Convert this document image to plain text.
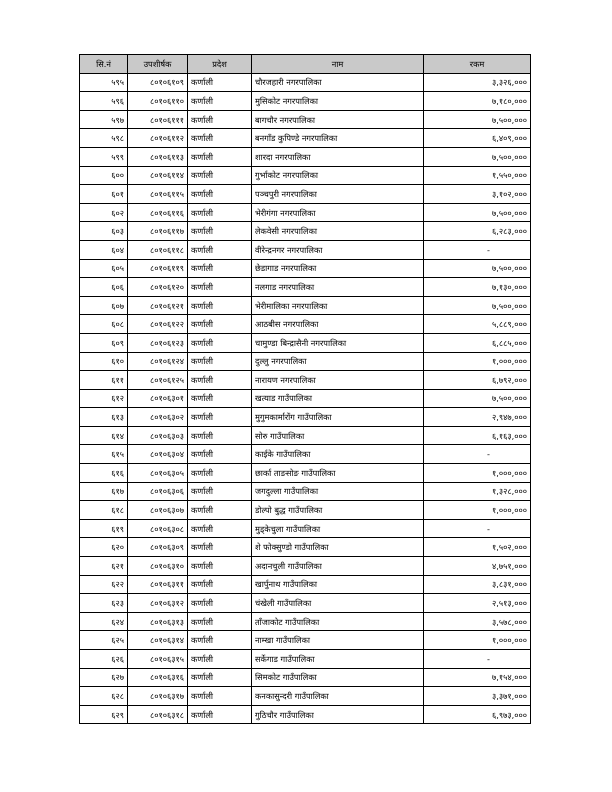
सि.नं	उपशीर्षक	प्रदेश	नाम	रकम
५९५	८०१०६१०९	कर्णाली	चौरजहारी नगरपालिका	३,३२६,०००
५९६	८०१०६११०	कर्णाली	मुसिकोट नगरपालिका	७,१८०,०००
५९७	८०१०६१११	कर्णाली	बागचौर नगरपालिका	७,५००,०००
५९८	८०१०६११२	कर्णाली	बनगाँड कुपिण्डे नगरपालिका	६,४०९,०००
५९९	८०१०६११३	कर्णाली	शारदा नगरपालिका	७,५००,०००
६००	८०१०६११४	कर्णाली	गुर्भाकोट नगरपालिका	१,५५०,०००
६०१	८०१०६११५	कर्णाली	पञ्चपुरी नगरपालिका	३,१०२,०००
६०२	८०१०६११६	कर्णाली	भेरीगंगा नगरपालिका	७,५००,०००
६०३	८०१०६११७	कर्णाली	लेकवेसी नगरपालिका	६,२८३,०००
६०४	८०१०६११८	कर्णाली	वीरेन्द्रनगर नगरपालिका	-
६०५	८०१०६११९	कर्णाली	छेडागाड नगरपालिका	७,५००,०००
६०६	८०१०६१२०	कर्णाली	नलगाड नगरपालिका	७,१३०,०००
६०७	८०१०६१२१	कर्णाली	भेरीमालिका नगरपालिका	७,५००,०००
६०८	८०१०६१२२	कर्णाली	आठबीस नगरपालिका	५,८८९,०००
६०९	८०१०६१२३	कर्णाली	चामुण्डा बिन्द्रासैनी नगरपालिका	६,८८५,०००
६१०	८०१०६१२४	कर्णाली	दुल्लु नगरपालिका	१,०००,०००
६११	८०१०६१२५	कर्णाली	नारायण नगरपालिका	६,७९२,०००
६१२	८०१०६३०१	कर्णाली	खत्याड गाउँपालिका	७,५००,०००
६१३	८०१०६३०२	कर्णाली	मुगुमकार्मारोंग गाउँपालिका	२,९४७,०००
६१४	८०१०६३०३	कर्णाली	सोरु गाउँपालिका	६,१६३,०००
६१५	८०१०६३०४	कर्णाली	काईके गाउँपालिका	-
६१६	८०१०६३०५	कर्णाली	छार्का ताङसोङ गाउँपालिका	१,०००,०००
६१७	८०१०६३०६	कर्णाली	जगदुल्ला गाउँपालिका	१,३२८,०००
६१८	८०१०६३०७	कर्णाली	डोल्पो बुद्ध गाउँपालिका	१,०००,०००
६१९	८०१०६३०८	कर्णाली	मुड्केचुला गाउँपालिका	-
६२०	८०१०६३०९	कर्णाली	शे फोक्सुण्डो गाउँपालिका	१,५०२,०००
६२१	८०१०६३१०	कर्णाली	अदानचुली गाउँपालिका	४,७५१,०००
६२२	८०१०६३११	कर्णाली	खार्पुनाथ गाउँपालिका	३,८३१,०००
६२३	८०१०६३१२	कर्णाली	चंखेली गाउँपालिका	२,५१३,०००
६२४	८०१०६३१३	कर्णाली	ताँजाकोट गाउँपालिका	३,५७८,०००
६२५	८०१०६३१४	कर्णाली	नाम्खा गाउँपालिका	१,०००,०००
६२६	८०१०६३१५	कर्णाली	सर्केगाड गाउँपालिका	-
६२७	८०१०६३१६	कर्णाली	सिमकोट गाउँपालिका	७,१५४,०००
६२८	८०१०६३१७	कर्णाली	कनकासुन्दरी गाउँपालिका	३,३७१,०००
६२९	८०१०६३१८	कर्णाली	गुठिचौर गाउँपालिका	६,९७३,०००
